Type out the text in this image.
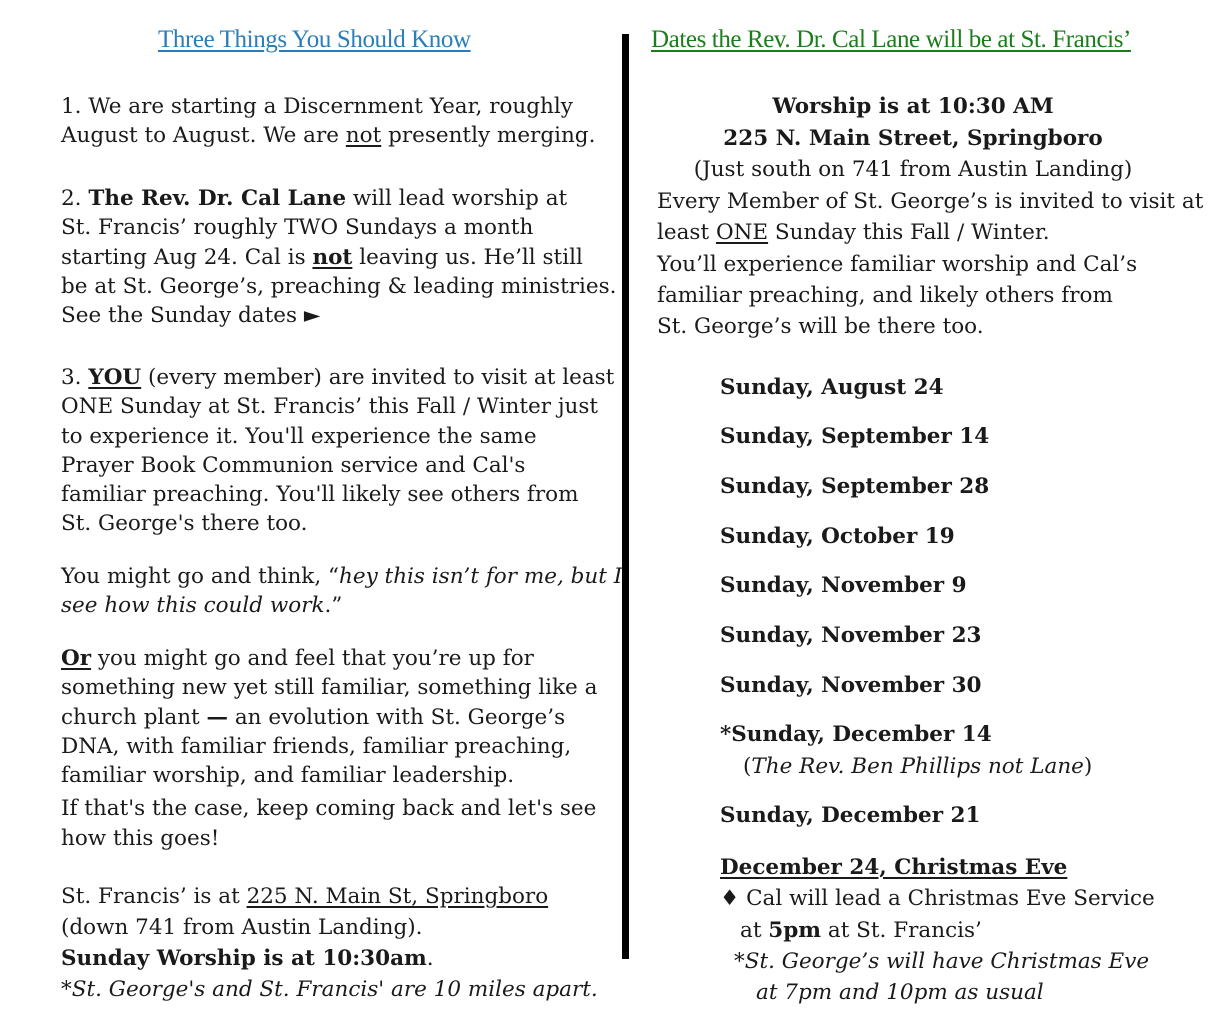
Three Things You Should Know	Dates the Rev. Dr. Cal Lane will be at St. Francis’
1. We are starting a Discernment Year, roughly
August to August. We are not presently merging.
2. The Rev. Dr. Cal Lane will lead worship at
St. Francis’ roughly TWO Sundays a month
starting Aug 24. Cal is not leaving us. He’ll still
be at St. George’s, preaching & leading ministries.
See the Sunday dates ►
3. YOU (every member) are invited to visit at least
ONE Sunday at St. Francis’ this Fall / Winter just
to experience it. You'll experience the same
Prayer Book Communion service and Cal's
familiar preaching. You'll likely see others from
St. George's there too.
You might go and think, “hey this isn’t for me, but I
see how this could work.”
Or you might go and feel that you’re up for
something new yet still familiar, something like a
church plant — an evolution with St. George’s
DNA, with familiar friends, familiar preaching,
familiar worship, and familiar leadership.
If that's the case, keep coming back and let's see
how this goes!
St. Francis’ is at 225 N. Main St, Springboro
(down 741 from Austin Landing).
Sunday Worship is at 10:30am.
*St. George's and St. Francis' are 10 miles apart.
Worship is at 10:30 AM
225 N. Main Street, Springboro
(Just south on 741 from Austin Landing)
Every Member of St. George’s is invited to visit at
least ONE Sunday this Fall / Winter.
You’ll experience familiar worship and Cal’s
familiar preaching, and likely others from
St. George’s will be there too.
Sunday, August 24
Sunday, September 14
Sunday, September 28
Sunday, October 19
Sunday, November 9
Sunday, November 23
Sunday, November 30
*Sunday, December 14
(The Rev. Ben Phillips not Lane)
Sunday, December 21
December 24, Christmas Eve
♦ Cal will lead a Christmas Eve Service
at 5pm at St. Francis’
*St. George’s will have Christmas Eve
at 7pm and 10pm as usual
